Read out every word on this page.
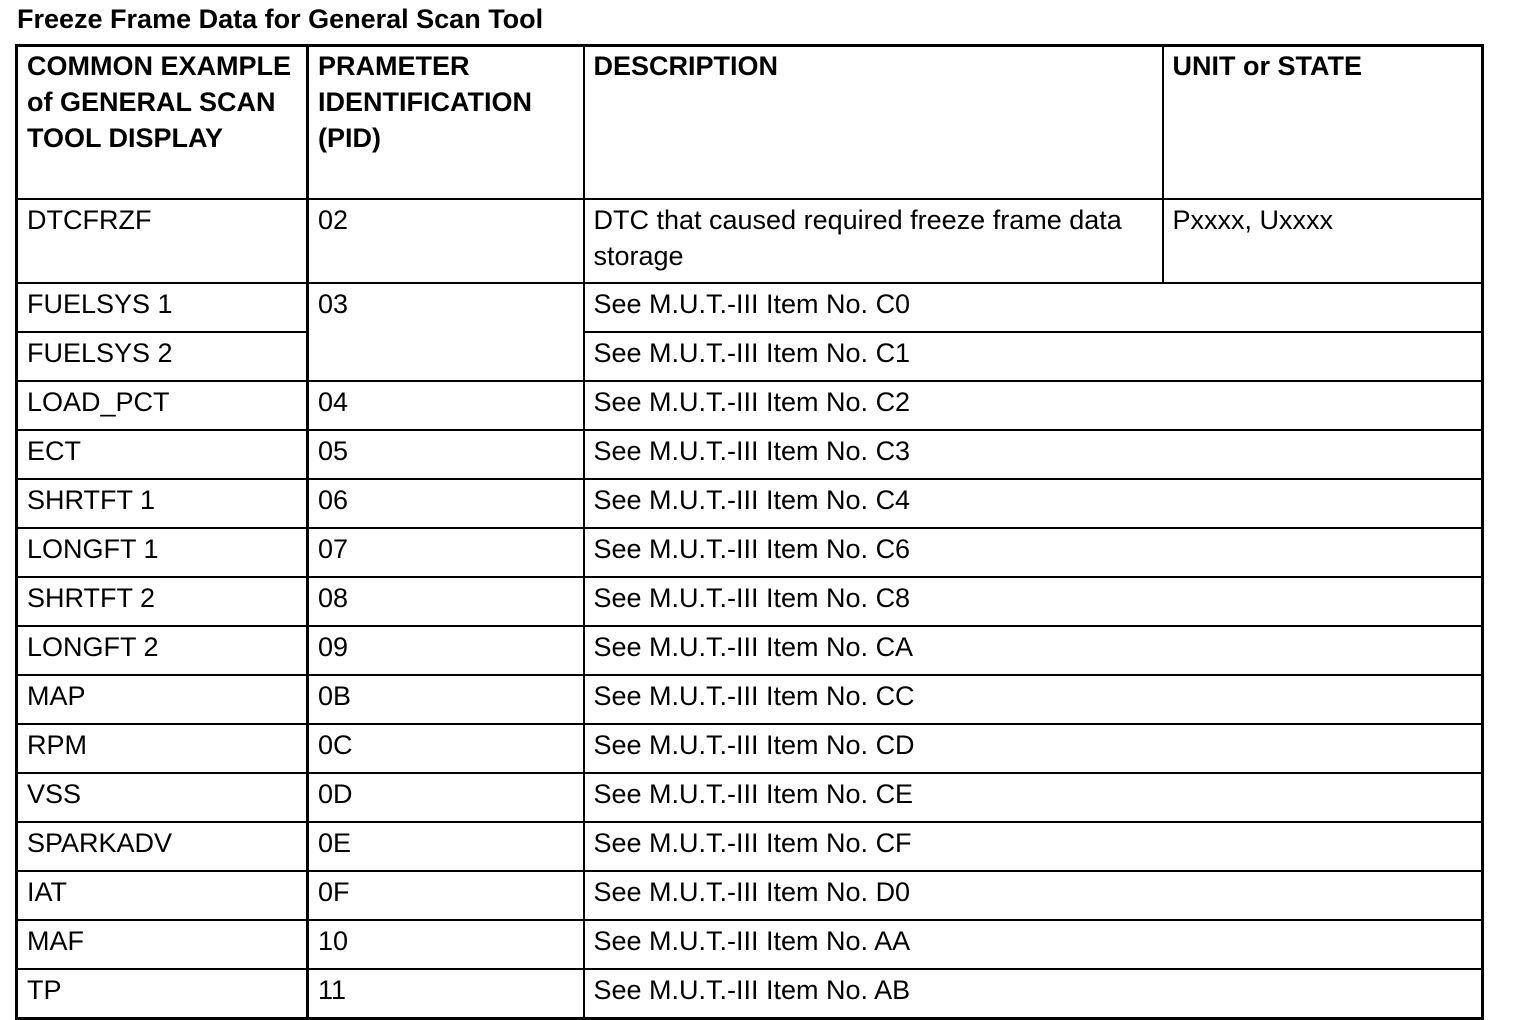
Freeze Frame Data for General Scan Tool
COMMON EXAMPLE of GENERAL SCAN TOOL DISPLAY	PRAMETER IDENTIFICATION (PID)	DESCRIPTION	UNIT or STATE
DTCFRZF	02	DTC that caused required freeze frame data storage	Pxxxx, Uxxxx
FUELSYS 1	03	See M.U.T.-III Item No. C0	
FUELSYS 2		See M.U.T.-III Item No. C1	
LOAD_PCT	04	See M.U.T.-III Item No. C2	
ECT	05	See M.U.T.-III Item No. C3	
SHRTFT 1	06	See M.U.T.-III Item No. C4	
LONGFT 1	07	See M.U.T.-III Item No. C6	
SHRTFT 2	08	See M.U.T.-III Item No. C8	
LONGFT 2	09	See M.U.T.-III Item No. CA	
MAP	0B	See M.U.T.-III Item No. CC	
RPM	0C	See M.U.T.-III Item No. CD	
VSS	0D	See M.U.T.-III Item No. CE	
SPARKADV	0E	See M.U.T.-III Item No. CF	
IAT	0F	See M.U.T.-III Item No. D0	
MAF	10	See M.U.T.-III Item No. AA	
TP	11	See M.U.T.-III Item No. AB	
